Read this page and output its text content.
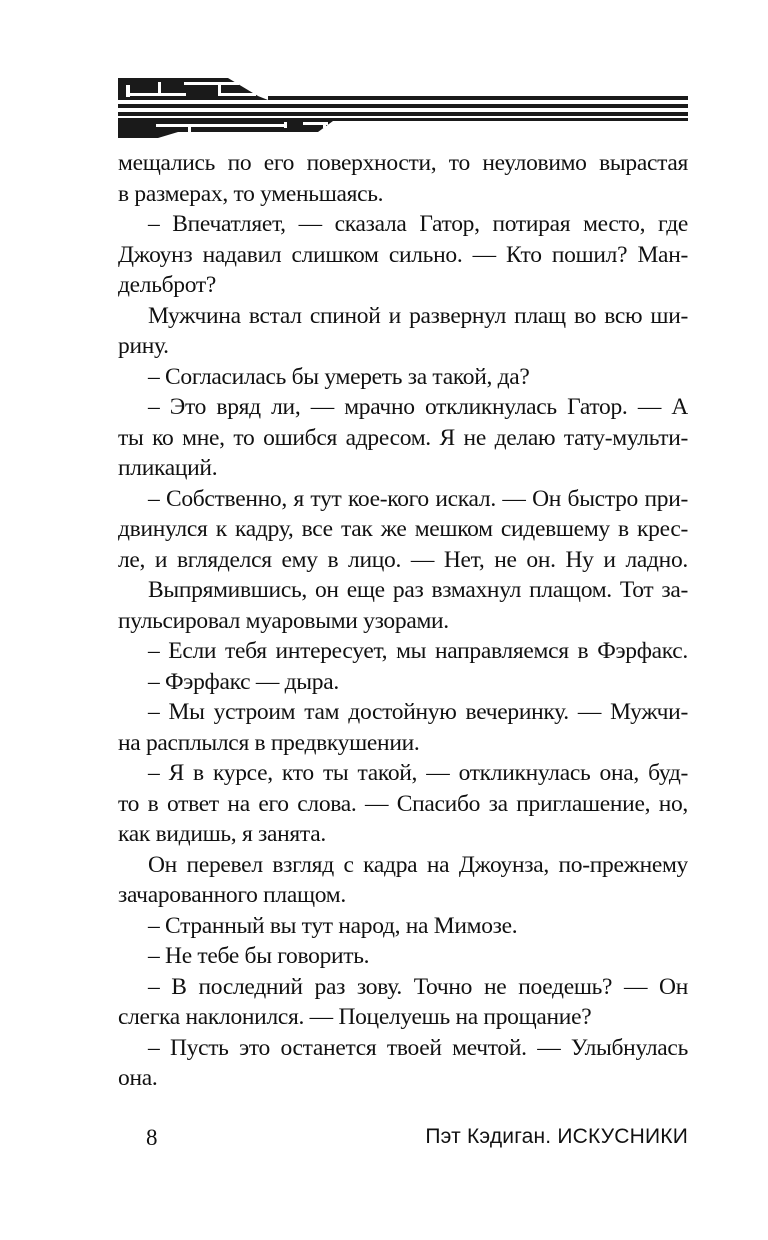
мещались по его поверхности, то неуловимо вырастая
в размерах, то уменьшаясь.
– Впечатляет, — сказала Гатор, потирая место, где
Джоунз надавил слишком сильно. — Кто пошил? Ман-
дельброт?
Мужчина встал спиной и развернул плащ во всю ши-
рину.
– Согласилась бы умереть за такой, да?
– Это вряд ли, — мрачно откликнулась Гатор. — А
ты ко мне, то ошибся адресом. Я не делаю тату-мульти-
пликаций.
– Собственно, я тут кое-кого искал. — Он быстро при-
двинулся к кадру, все так же мешком сидевшему в крес-
ле, и вгляделся ему в лицо. — Нет, не он. Ну и ладно.
Выпрямившись, он еще раз взмахнул плащом. Тот за-
пульсировал муаровыми узорами.
– Если тебя интересует, мы направляемся в Фэрфакс.
– Фэрфакс — дыра.
– Мы устроим там достойную вечеринку. — Мужчи-
на расплылся в предвкушении.
– Я в курсе, кто ты такой, — откликнулась она, буд-
то в ответ на его слова. — Спасибо за приглашение, но,
как видишь, я занята.
Он перевел взгляд с кадра на Джоунза, по-прежнему
зачарованного плащом.
– Странный вы тут народ, на Мимозе.
– Не тебе бы говорить.
– В последний раз зову. Точно не поедешь? — Он
слегка наклонился. — Поцелуешь на прощание?
– Пусть это останется твоей мечтой. — Улыбнулась
она.
8	Пэт Кэдиган. ИСКУСНИКИ
